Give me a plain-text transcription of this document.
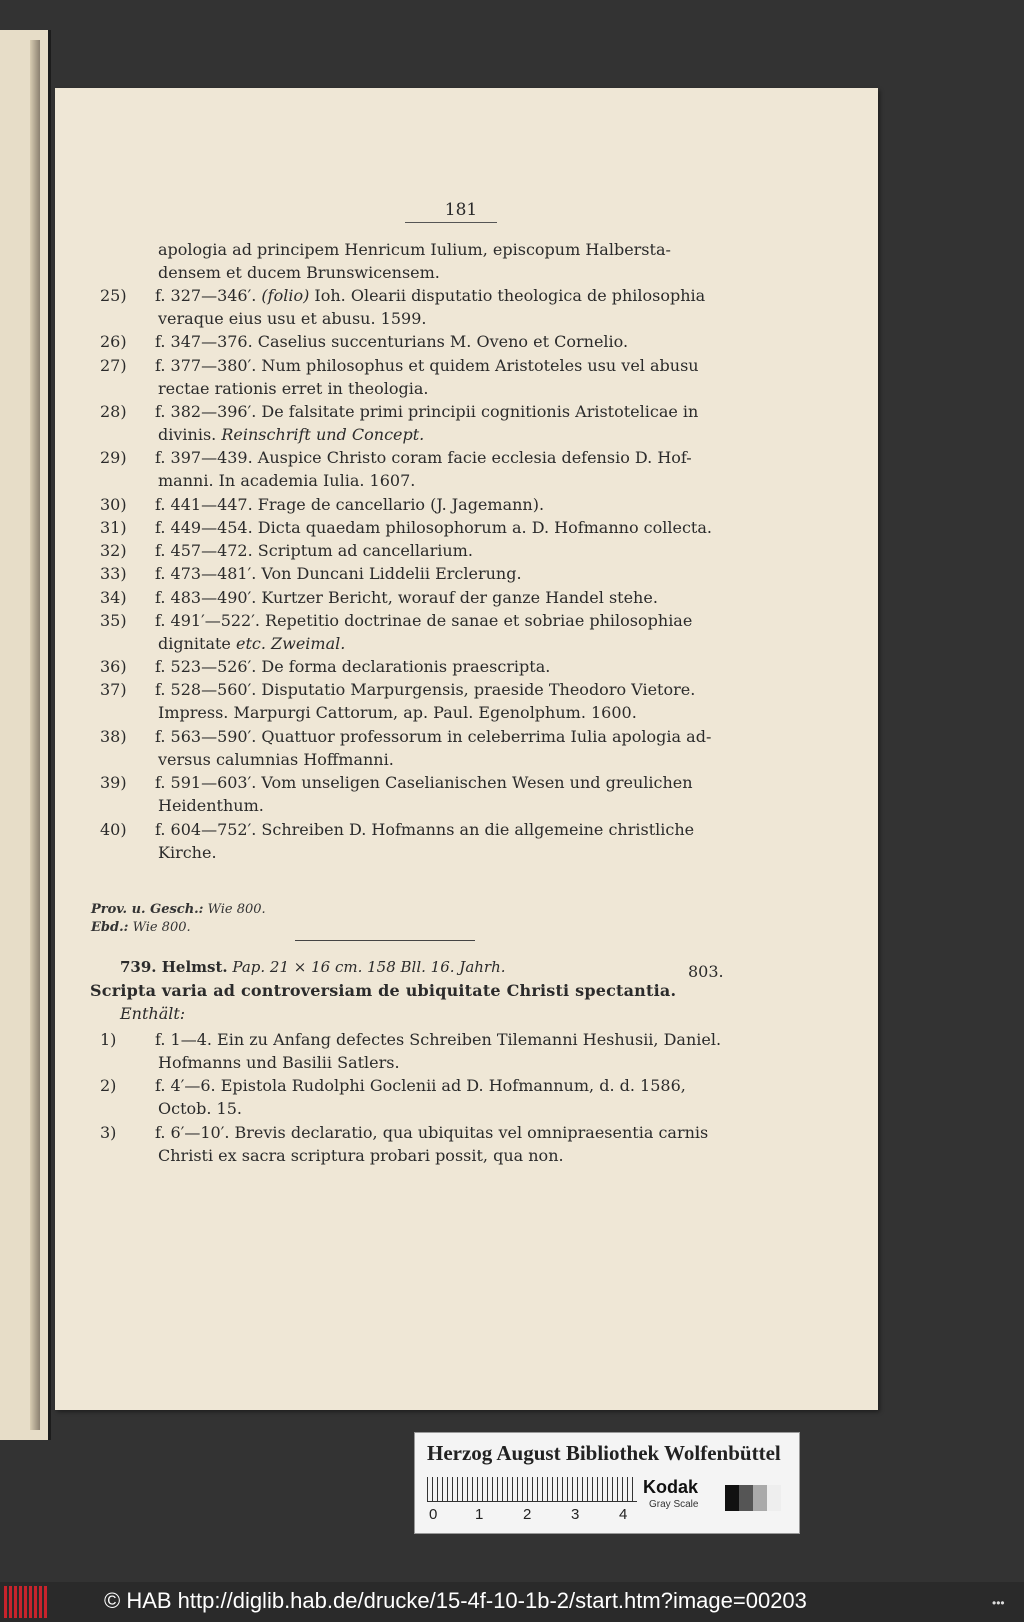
181
apologia ad principem Henricum Iulium, episcopum Halbersta-
densem et ducem Brunswicensem.
25) f. 327—346′. (folio) Ioh. Olearii disputatio theologica de philosophia
veraque eius usu et abusu. 1599.
26) f. 347—376. Caselius succenturians M. Oveno et Cornelio.
27) f. 377—380′. Num philosophus et quidem Aristoteles usu vel abusu
rectae rationis erret in theologia.
28) f. 382—396′. De falsitate primi principii cognitionis Aristotelicae in
divinis. Reinschrift und Concept.
29) f. 397—439. Auspice Christo coram facie ecclesia defensio D. Hof-
manni. In academia Iulia. 1607.
30) f. 441—447. Frage de cancellario (J. Jagemann).
31) f. 449—454. Dicta quaedam philosophorum a. D. Hofmanno collecta.
32) f. 457—472. Scriptum ad cancellarium.
33) f. 473—481′. Von Duncani Liddelii Erclerung.
34) f. 483—490′. Kurtzer Bericht, worauf der ganze Handel stehe.
35) f. 491′—522′. Repetitio doctrinae de sanae et sobriae philosophiae
dignitate etc. Zweimal.
36) f. 523—526′. De forma declarationis praescripta.
37) f. 528—560′. Disputatio Marpurgensis, praeside Theodoro Vietore.
Impress. Marpurgi Cattorum, ap. Paul. Egenolphum. 1600.
38) f. 563—590′. Quattuor professorum in celeberrima Iulia apologia ad-
versus calumnias Hoffmanni.
39) f. 591—603′. Vom unseligen Caselianischen Wesen und greulichen
Heidenthum.
40) f. 604—752′. Schreiben D. Hofmanns an die allgemeine christliche
Kirche.
Prov. u. Gesch.: Wie 800.
Ebd.: Wie 800.
739. Helmst. Pap. 21 × 16 cm. 158 Bll. 16. Jahrh.	803.
Scripta varia ad controversiam de ubiquitate Christi spectantia.
Enthält:
1) f. 1—4. Ein zu Anfang defectes Schreiben Tilemanni Heshusii, Daniel.
Hofmanns und Basilii Satlers.
2) f. 4′—6. Epistola Rudolphi Goclenii ad D. Hofmannum, d. d. 1586,
Octob. 15.
3) f. 6′—10′. Brevis declaratio, qua ubiquitas vel omnipraesentia carnis
Christi ex sacra scriptura probari possit, qua non.
Herzog August Bibliothek Wolfenbüttel
0	1	2	3	4
Kodak
Gray Scale
© HAB http://diglib.hab.de/drucke/15-4f-10-1b-2/start.htm?image=00203	•••
